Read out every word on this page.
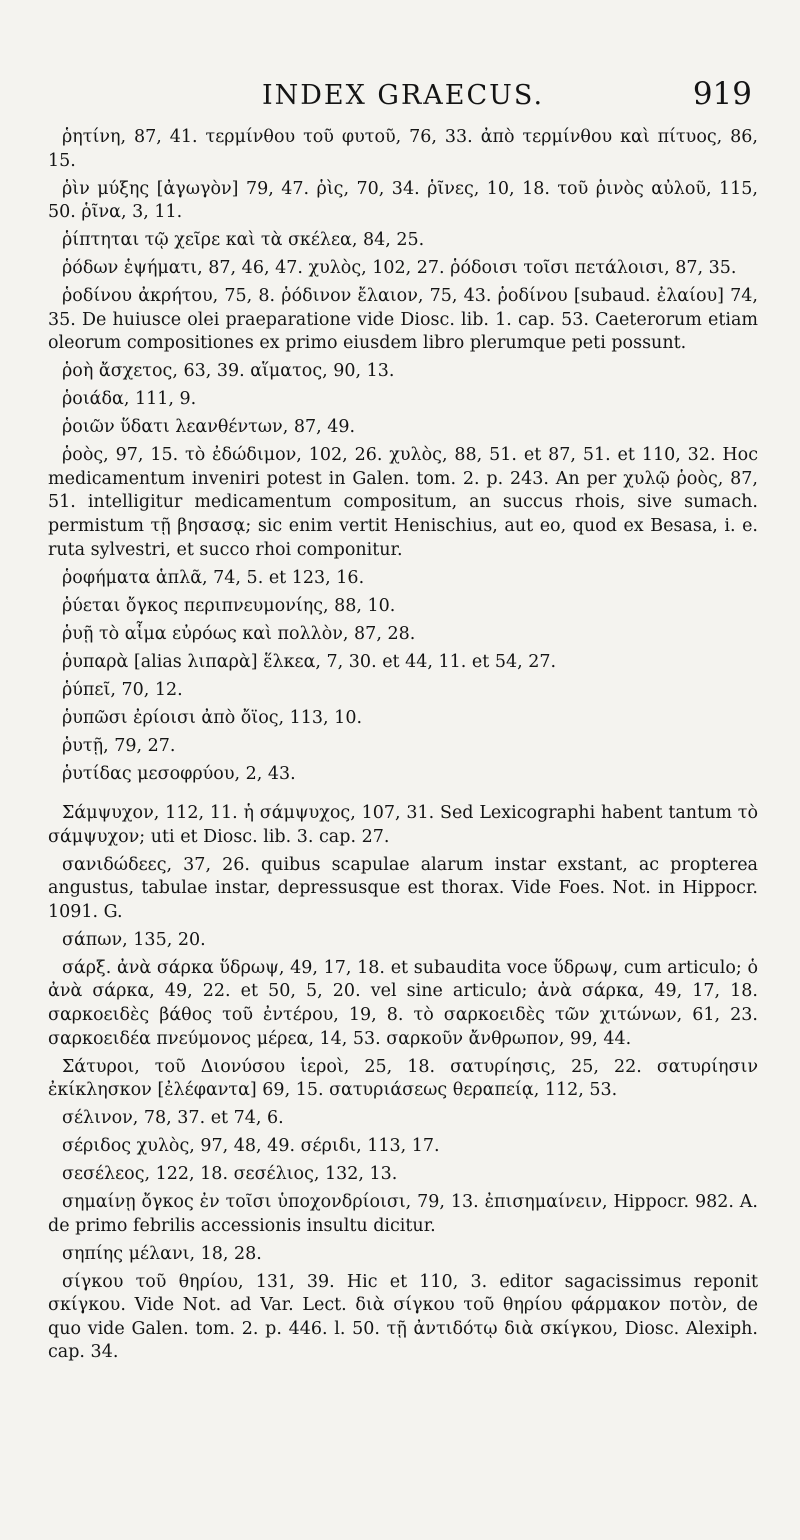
INDEX GRAECUS.	919

ῥητίνη, 87, 41. τερμίνθου τοῦ φυτοῦ, 76, 33. ἀπὸ τερμίνθου καὶ πίτυος, 86, 15.

ῥὶν μύξης [ἀγωγὸν] 79, 47. ῥὶς, 70, 34. ῥῖνες, 10, 18. τοῦ ῥινὸς αὐλοῦ, 115, 50. ῥῖνα, 3, 11.

ῥίπτηται τῷ χεῖρε καὶ τὰ σκέλεα, 84, 25.

ῥόδων ἑψήματι, 87, 46, 47. χυλὸς, 102, 27. ῥόδοισι τοῖσι πετάλοισι, 87, 35.

ῥοδίνου ἀκρήτου, 75, 8. ῥόδινον ἔλαιον, 75, 43. ῥοδίνου [subaud. ἐλαίου] 74, 35. De huiusce olei praeparatione vide Diosc. lib. 1. cap. 53. Caeterorum etiam oleorum compositiones ex primo eiusdem libro plerumque peti possunt.

ῥοὴ ἄσχετος, 63, 39. αἵματος, 90, 13.

ῥοιάδα, 111, 9.

ῥοιῶν ὕδατι λεανθέντων, 87, 49.

ῥοὸς, 97, 15. τὸ ἐδώδιμον, 102, 26. χυλὸς, 88, 51. et 87, 51. et 110, 32. Hoc medicamentum inveniri potest in Galen. tom. 2. p. 243. An per χυλῷ ῥοὸς, 87, 51. intelligitur medicamentum compositum, an succus rhois, sive sumach. permistum τῇ βησασᾳ; sic enim vertit Henischius, aut eo, quod ex Besasa, i. e. ruta sylvestri, et succo rhoi componitur.

ῥοφήματα ἁπλᾶ, 74, 5. et 123, 16.

ῥύεται ὄγκος περιπνευμονίης, 88, 10.

ῥυῇ τὸ αἷμα εὐρόως καὶ πολλὸν, 87, 28.

ῥυπαρὰ [alias λιπαρὰ] ἕλκεα, 7, 30. et 44, 11. et 54, 27.

ῥύπεῖ, 70, 12.

ῥυπῶσι ἐρίοισι ἀπὸ ὄϊος, 113, 10.

ῥυτῇ, 79, 27.

ῥυτίδας μεσοφρύου, 2, 43.

Σάμψυχον, 112, 11. ἡ σάμψυχος, 107, 31. Sed Lexicographi habent tantum τὸ σάμψυχον; uti et Diosc. lib. 3. cap. 27.

σανιδώδεες, 37, 26. quibus scapulae alarum instar exstant, ac propterea angustus, tabulae instar, depressusque est thorax. Vide Foes. Not. in Hippocr. 1091. G.

σάπων, 135, 20.

σάρξ. ἀνὰ σάρκα ὕδρωψ, 49, 17, 18. et subaudita voce ὕδρωψ, cum articulo; ὁ ἀνὰ σάρκα, 49, 22. et 50, 5, 20. vel sine articulo; ἀνὰ σάρκα, 49, 17, 18. σαρκοειδὲς βάθος τοῦ ἐντέρου, 19, 8. τὸ σαρκοειδὲς τῶν χιτώνων, 61, 23. σαρκοειδέα πνεύμονος μέρεα, 14, 53. σαρκοῦν ἄνθρωπον, 99, 44.

Σάτυροι, τοῦ Διονύσου ἱεροὶ, 25, 18. σατυρίησις, 25, 22. σατυρίησιν ἐκίκλησκον [ἐλέφαντα] 69, 15. σατυριάσεως θεραπείᾳ, 112, 53.

σέλινον, 78, 37. et 74, 6.

σέριδος χυλὸς, 97, 48, 49. σέριδι, 113, 17.

σεσέλεος, 122, 18. σεσέλιος, 132, 13.

σημαίνῃ ὄγκος ἐν τοῖσι ὑποχονδρίοισι, 79, 13. ἐπισημαίνειν, Hippocr. 982. A. de primo febrilis accessionis insultu dicitur.

σηπίης μέλανι, 18, 28.

σίγκου τοῦ θηρίου, 131, 39. Hic et 110, 3. editor sagacissimus reponit σκίγκου. Vide Not. ad Var. Lect. διὰ σίγκου τοῦ θηρίου φάρμακον ποτὸν, de quo vide Galen. tom. 2. p. 446. l. 50. τῇ ἀντιδότῳ διὰ σκίγκου, Diosc. Alexiph. cap. 34.
